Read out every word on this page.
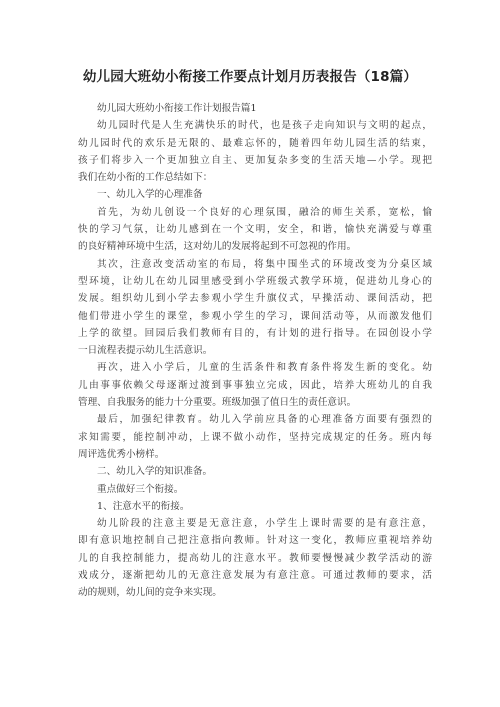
幼儿园大班幼小衔接工作要点计划月历表报告（18篇）

幼儿园大班幼小衔接工作计划报告篇1

幼儿园时代是人生充满快乐的时代，也是孩子走向知识与文明的起点，

幼儿园时代的欢乐是无限的、最难忘怀的，随着四年幼儿园生活的结束，

孩子们将步入一个更加独立自主、更加复杂多变的生活天地—小学。现把

我们在幼小衔的工作总结如下：

一、幼儿入学的心理准备

首先，为幼儿创设一个良好的心理氛围，融洽的师生关系，宽松，愉

快的学习气氛，让幼儿感到在一个文明，安全，和谐，愉快充满爱与尊重

的良好精神环境中生活，这对幼儿的发展将起到不可忽视的作用。

其次，注意改变活动室的布局，将集中围坐式的环境改变为分桌区域

型环境，让幼儿在幼儿园里感受到小学班级式教学环境，促进幼儿身心的

发展。组织幼儿到小学去参观小学生升旗仪式，早操活动、课间活动，把

他们带进小学生的课堂，参观小学生的学习，课间活动等，从而激发他们

上学的欲望。回园后我们教师有目的，有计划的进行指导。在园创设小学

一日流程表提示幼儿生活意识。

再次，进入小学后，儿童的生活条件和教育条件将发生新的变化。幼

儿由事事依赖父母逐渐过渡到事事独立完成，因此，培养大班幼儿的自我

管理、自我服务的能力十分重要。班级加强了值日生的责任意识。

最后，加强纪律教育。幼儿入学前应具备的心理准备方面要有强烈的

求知需要，能控制冲动，上课不做小动作，坚持完成规定的任务。班内每

周评选优秀小榜样。

二、幼儿入学的知识准备。

重点做好三个衔接。

1、注意水平的衔接。

幼儿阶段的注意主要是无意注意，小学生上课时需要的是有意注意，

即有意识地控制自己把注意指向教师。针对这一变化，教师应重视培养幼

儿的自我控制能力，提高幼儿的注意水平。教师要慢慢减少教学活动的游

戏成分，逐渐把幼儿的无意注意发展为有意注意。可通过教师的要求，活

动的规则，幼儿间的竞争来实现。
